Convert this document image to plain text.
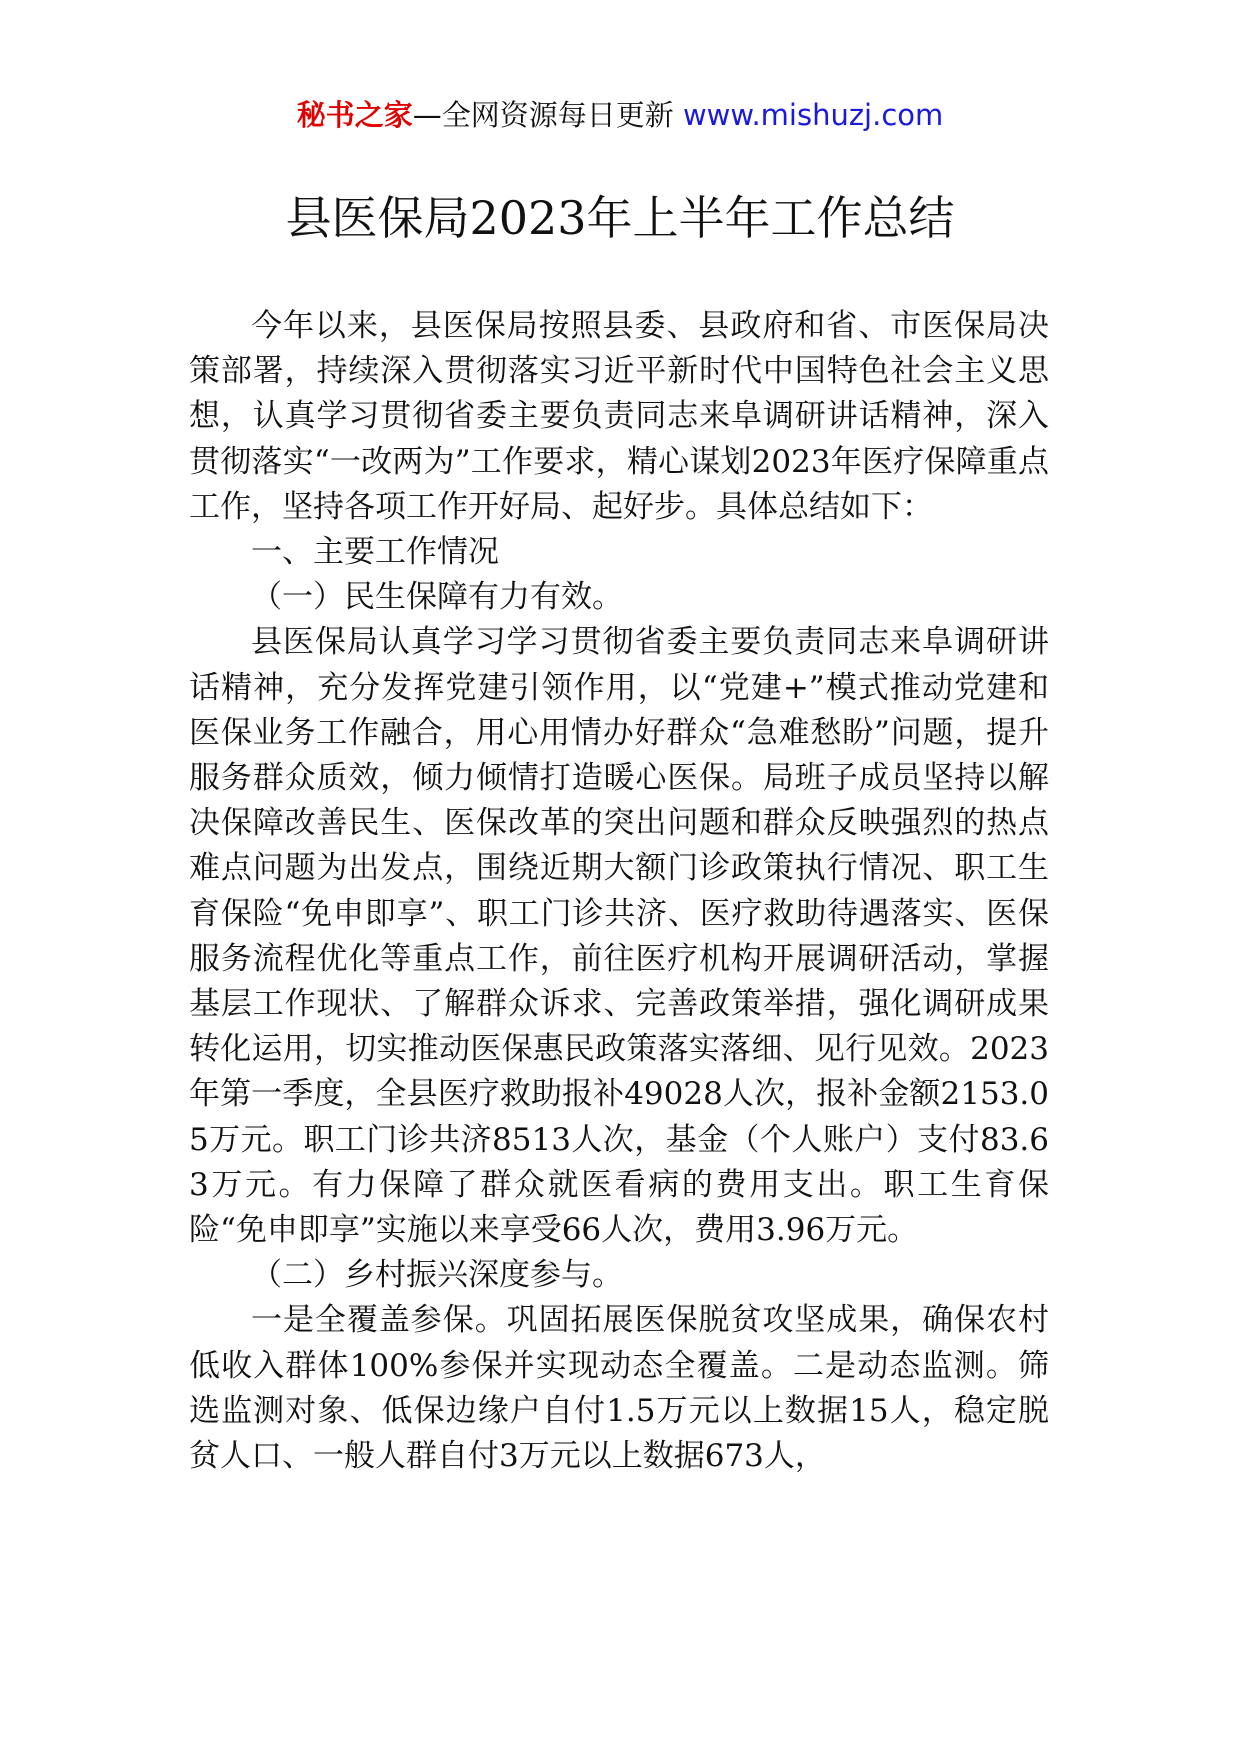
秘书之家—全网资源每日更新 www.mishuzj.com
县医保局2023年上半年工作总结

今年以来，县医保局按照县委、县政府和省、市医保局决策部署，持续深入贯彻落实习近平新时代中国特色社会主义思想，认真学习贯彻省委主要负责同志来阜调研讲话精神，深入贯彻落实“一改两为”工作要求，精心谋划2023年医疗保障重点工作，坚持各项工作开好局、起好步。具体总结如下：

一、主要工作情况

（一）民生保障有力有效。

县医保局认真学习学习贯彻省委主要负责同志来阜调研讲话精神，充分发挥党建引领作用，以“党建+”模式推动党建和医保业务工作融合，用心用情办好群众“急难愁盼”问题，提升服务群众质效，倾力倾情打造暖心医保。局班子成员坚持以解决保障改善民生、医保改革的突出问题和群众反映强烈的热点难点问题为出发点，围绕近期大额门诊政策执行情况、职工生育保险“免申即享”、职工门诊共济、医疗救助待遇落实、医保服务流程优化等重点工作，前往医疗机构开展调研活动，掌握基层工作现状、了解群众诉求、完善政策举措，强化调研成果转化运用，切实推动医保惠民政策落实落细、见行见效。2023年第一季度，全县医疗救助报补49028人次，报补金额2153.05万元。职工门诊共济8513人次，基金（个人账户）支付83.63万元。有力保障了群众就医看病的费用支出。职工生育保险“免申即享”实施以来享受66人次，费用3.96万元。

（二）乡村振兴深度参与。

一是全覆盖参保。巩固拓展医保脱贫攻坚成果，确保农村低收入群体100%参保并实现动态全覆盖。二是动态监测。筛选监测对象、低保边缘户自付1.5万元以上数据15人，稳定脱贫人口、一般人群自付3万元以上数据673人，
